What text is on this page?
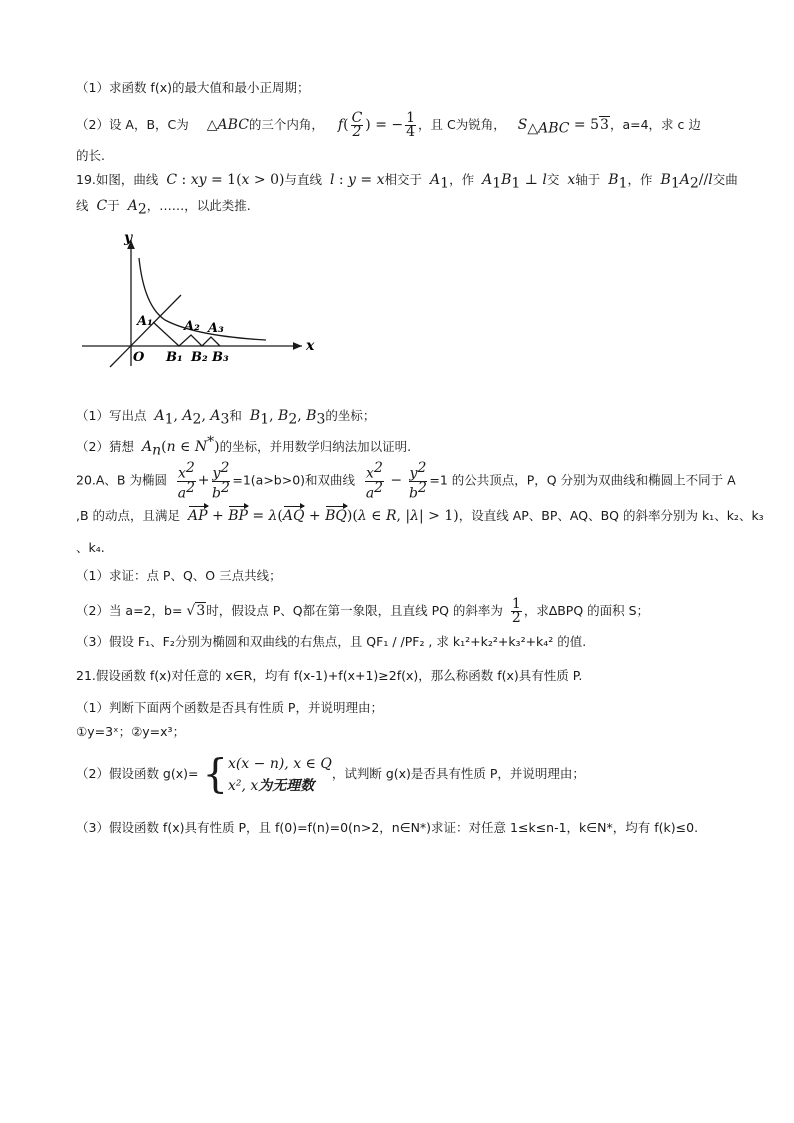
（1）求函数 f(x)的最大值和最小正周期；
（2）设 A，B，C为 △ABC的三个内角， $f( \frac{C}{2}$ ) = − $\frac{1}{4}$ ，且 C为锐角， $S_{\triangle ABC} = 53$，a=4，求 c 边
的长.
19.如图，曲线 C : xy = 1(x > 0)与直线 l : y = x相交于 $A_1$，作 $A_1B_1$ ⊥ l交 x轴于 $B_1$，作 $B_1A_2//l$交曲
线 C于 $A_2$，……，以此类推.
y
x
O
A₁ A₂ A₃
B₁ B₂ B₃
（1）写出点 $A_1$, $A_2$, $A_3$和 $B_1$, $B_2$, $B_3$的坐标；
（2）猜想 $A_n(n$ ∈ N*)的坐标，并用数学归纳法加以证明.
20.A、B 为椭圆 $\frac{x^2}{a^2} + \frac{y^2}{b^2} =1(a>b>0)$和双曲线 $\frac{x^2}{a^2} - \frac{y^2}{b^2} =1$ 的公共顶点，P，Q 分别为双曲线和椭圆上不同于 A
,B 的动点，且满足 AP + BP = λ(AQ + BQ)(λ ∈ R, |λ| > 1)，设直线 AP、BP、AQ、BQ 的斜率分别为 k₁、k₂、k₃
、k₄.
（1）求证：点 P、Q、O 三点共线；
（2）当 a=2，b= √3时，假设点 P、Q都在第一象限，且直线 PQ 的斜率为 $\frac{1}{2}$ ，求∆BPQ 的面积 S；
（3）假设 F₁、F₂分别为椭圆和双曲线的右焦点，且 QF₁ / /PF₂ , 求 k₁²+k₂²+k₃²+k₄² 的值.
21.假设函数 f(x)对任意的 x∈R，均有 f(x-1)+f(x+1)≥2f(x)，那么称函数 f(x)具有性质 P.
（1）判断下面两个函数是否具有性质 P，并说明理由；
①y=3ˣ；②y=x³；
（2）假设函数 g(x)= { x(x − n), x ∈ Q
x², x为无理数
，试判断 g(x)是否具有性质 P，并说明理由；
（3）假设函数 f(x)具有性质 P，且 f(0)=f(n)=0(n>2，n∈N*)求证：对任意 1≤k≤n-1，k∈N*，均有 f(k)≤0.
